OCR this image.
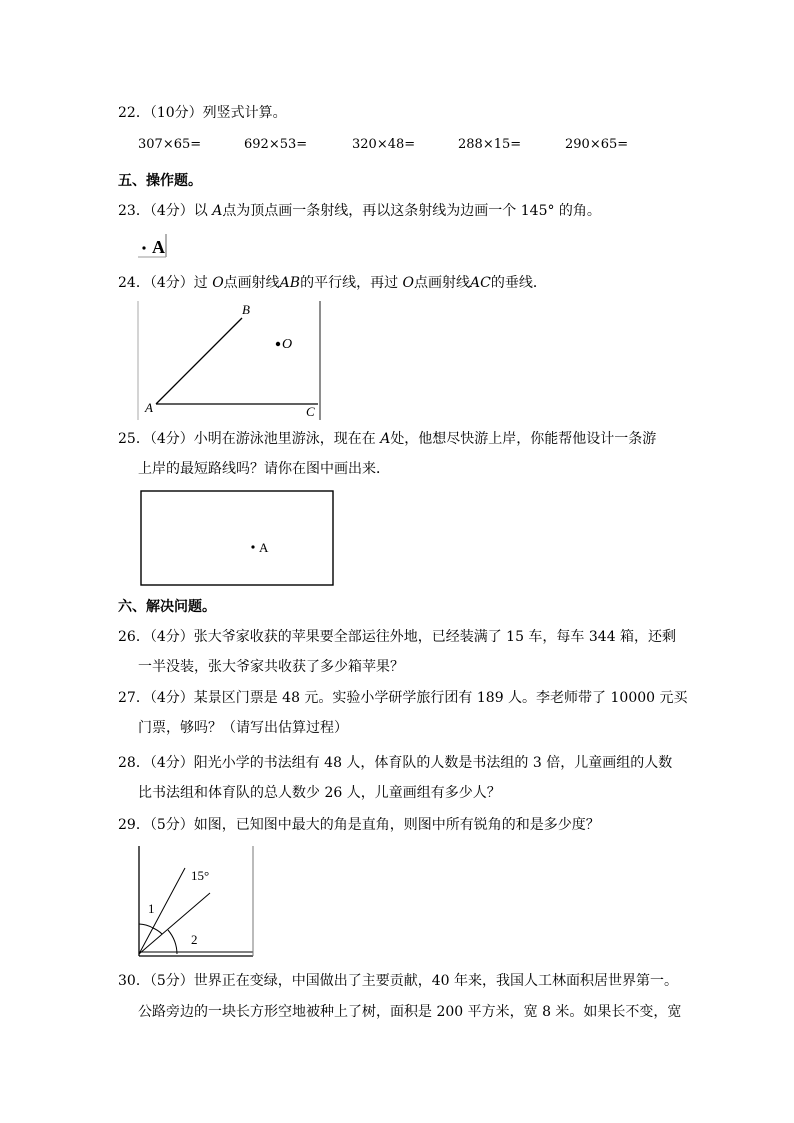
22．（10分）列竖式计算。
307×65=	692×53=	320×48=	288×15=	290×65=
五、操作题。
23．（4分）以 A点为顶点画一条射线，再以这条射线为边画一个 145° 的角。
A
24．（4分）过 O点画射线AB的平行线，再过 O点画射线AC的垂线．
O
B
A	C
25．（4分）小明在游泳池里游泳，现在在 A处，他想尽快游上岸，你能帮他设计一条游
上岸的最短路线吗？请你在图中画出来．
A
六、解决问题。
26．（4分）张大爷家收获的苹果要全部运往外地，已经装满了 15 车，每车 344 箱，还剩
一半没装，张大爷家共收获了多少箱苹果？
27．（4分）某景区门票是 48 元。实验小学研学旅行团有 189 人。李老师带了 10000 元买
门票，够吗？（请写出估算过程）
28．（4分）阳光小学的书法组有 48 人，体育队的人数是书法组的 3 倍，儿童画组的人数
比书法组和体育队的总人数少 26 人，儿童画组有多少人？
29．（5分）如图，已知图中最大的角是直角，则图中所有锐角的和是多少度？
15°
1
2
30．（5分）世界正在变绿，中国做出了主要贡献，40 年来，我国人工林面积居世界第一。
公路旁边的一块长方形空地被种上了树，面积是 200 平方米，宽 8 米。如果长不变，宽
